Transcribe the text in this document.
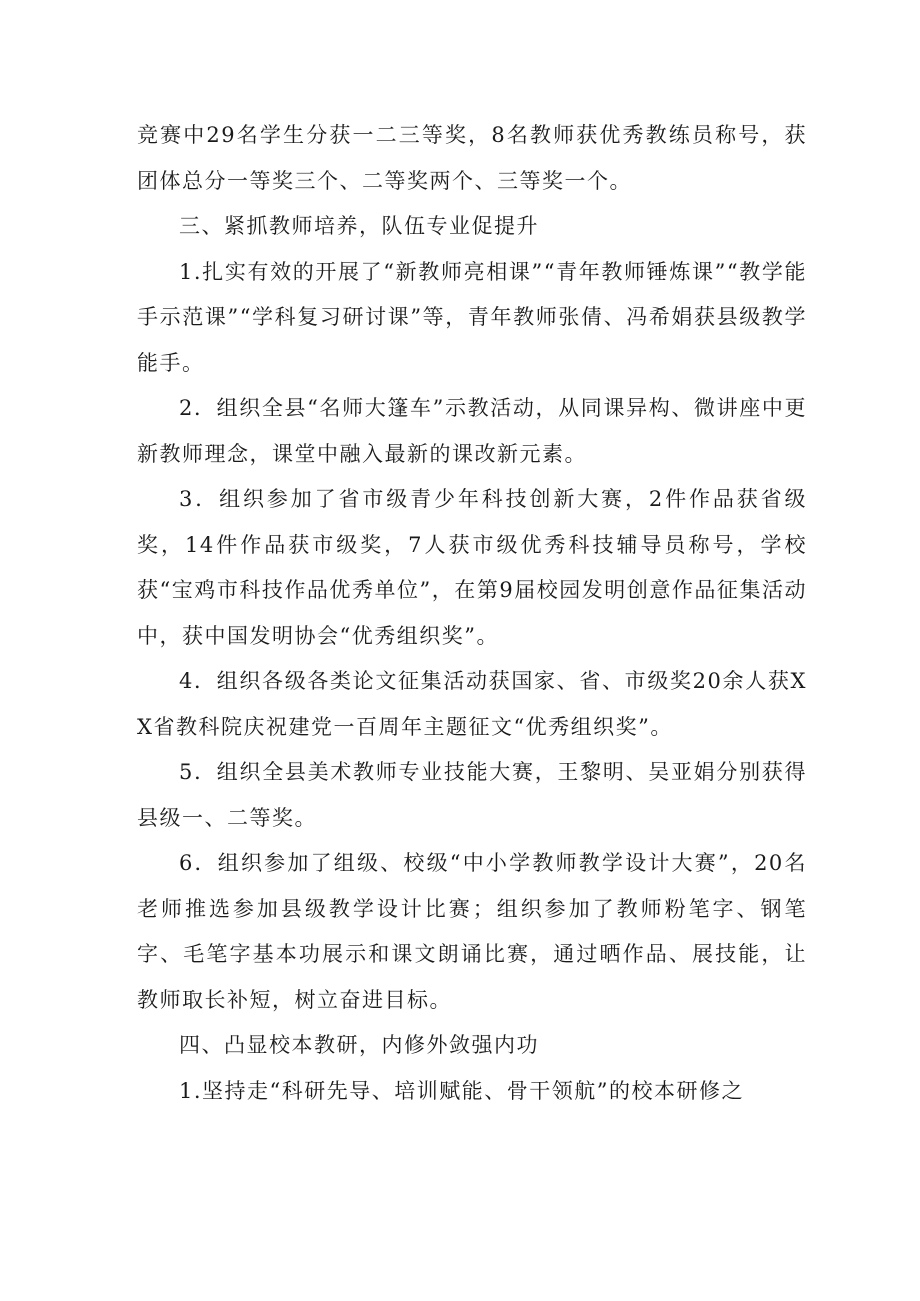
竞赛中29名学生分获一二三等奖，8名教师获优秀教练员称号，获团体总分一等奖三个、二等奖两个、三等奖一个。

三、紧抓教师培养，队伍专业促提升

1.扎实有效的开展了“新教师亮相课”“青年教师锤炼课”“教学能手示范课”“学科复习研讨课”等，青年教师张倩、冯希娟获县级教学能手。

2．组织全县“名师大篷车”示教活动，从同课异构、微讲座中更新教师理念，课堂中融入最新的课改新元素。

3．组织参加了省市级青少年科技创新大赛，2件作品获省级奖，14件作品获市级奖，7人获市级优秀科技辅导员称号，学校获“宝鸡市科技作品优秀单位”，在第9届校园发明创意作品征集活动中，获中国发明协会“优秀组织奖”。

4．组织各级各类论文征集活动获国家、省、市级奖20余人获XX省教科院庆祝建党一百周年主题征文“优秀组织奖”。

5．组织全县美术教师专业技能大赛，王黎明、吴亚娟分别获得县级一、二等奖。

6．组织参加了组级、校级“中小学教师教学设计大赛”，20名老师推选参加县级教学设计比赛；组织参加了教师粉笔字、钢笔字、毛笔字基本功展示和课文朗诵比赛，通过晒作品、展技能，让教师取长补短，树立奋进目标。

四、凸显校本教研，内修外敛强内功

1.坚持走“科研先导、培训赋能、骨干领航”的校本研修之
